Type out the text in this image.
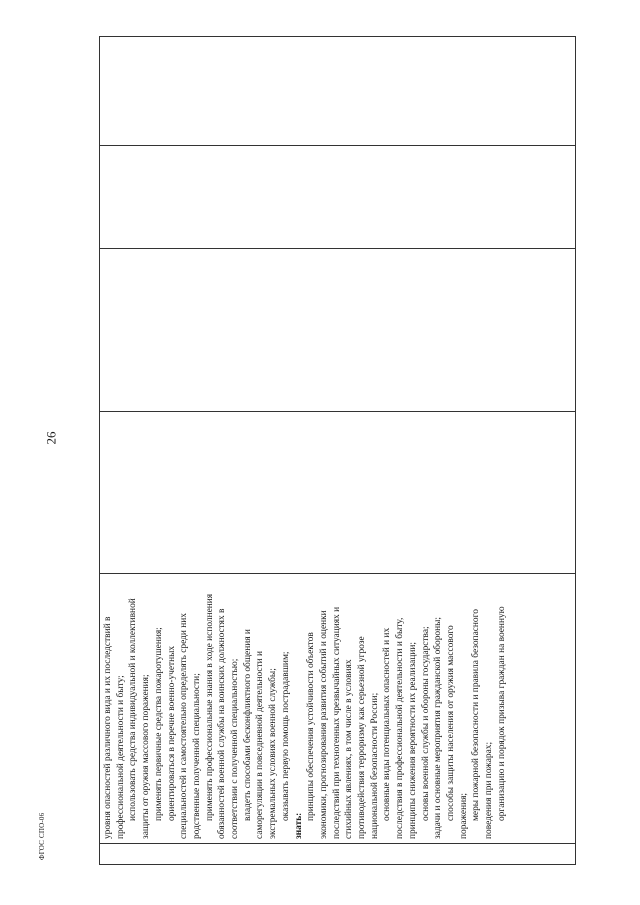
26
ФГОС СПО-06
		уровня опасностей различного вида и их последствий в профессиональной деятельности и быту; использовать средства индивидуальной и коллективной защиты от оружия массового поражения; применять первичные средства пожаротушения; ориентироваться в перечне военно-учетных специальностей и самостоятельно определять среди них родственные полученной специальности; применять профессиональные знания в ходе исполнения обязанностей военной службы на воинских должностях в соответствии с полученной специальностью; владеть способами бесконфликтного общения и саморегуляции в повседневной деятельности и экстремальных условиях военной службы; оказывать первую помощь пострадавшим;

знать:

принципы обеспечения устойчивости объектов экономики, прогнозирования развития событий и оценки последствий при техногенных чрезвычайных ситуациях и стихийных явлениях, в том числе в условиях противодействия терроризму как серьезной угрозе национальной безопасности России; основные виды потенциальных опасностей и их последствия в профессиональной деятельности и быту, принципы снижения вероятности их реализации; основы военной службы и обороны государства; задачи и основные мероприятия гражданской обороны; способы защиты населения от оружия массового поражения; меры пожарной безопасности и правила безопасного поведения при пожарах; организацию и порядок призыва граждан на военную
